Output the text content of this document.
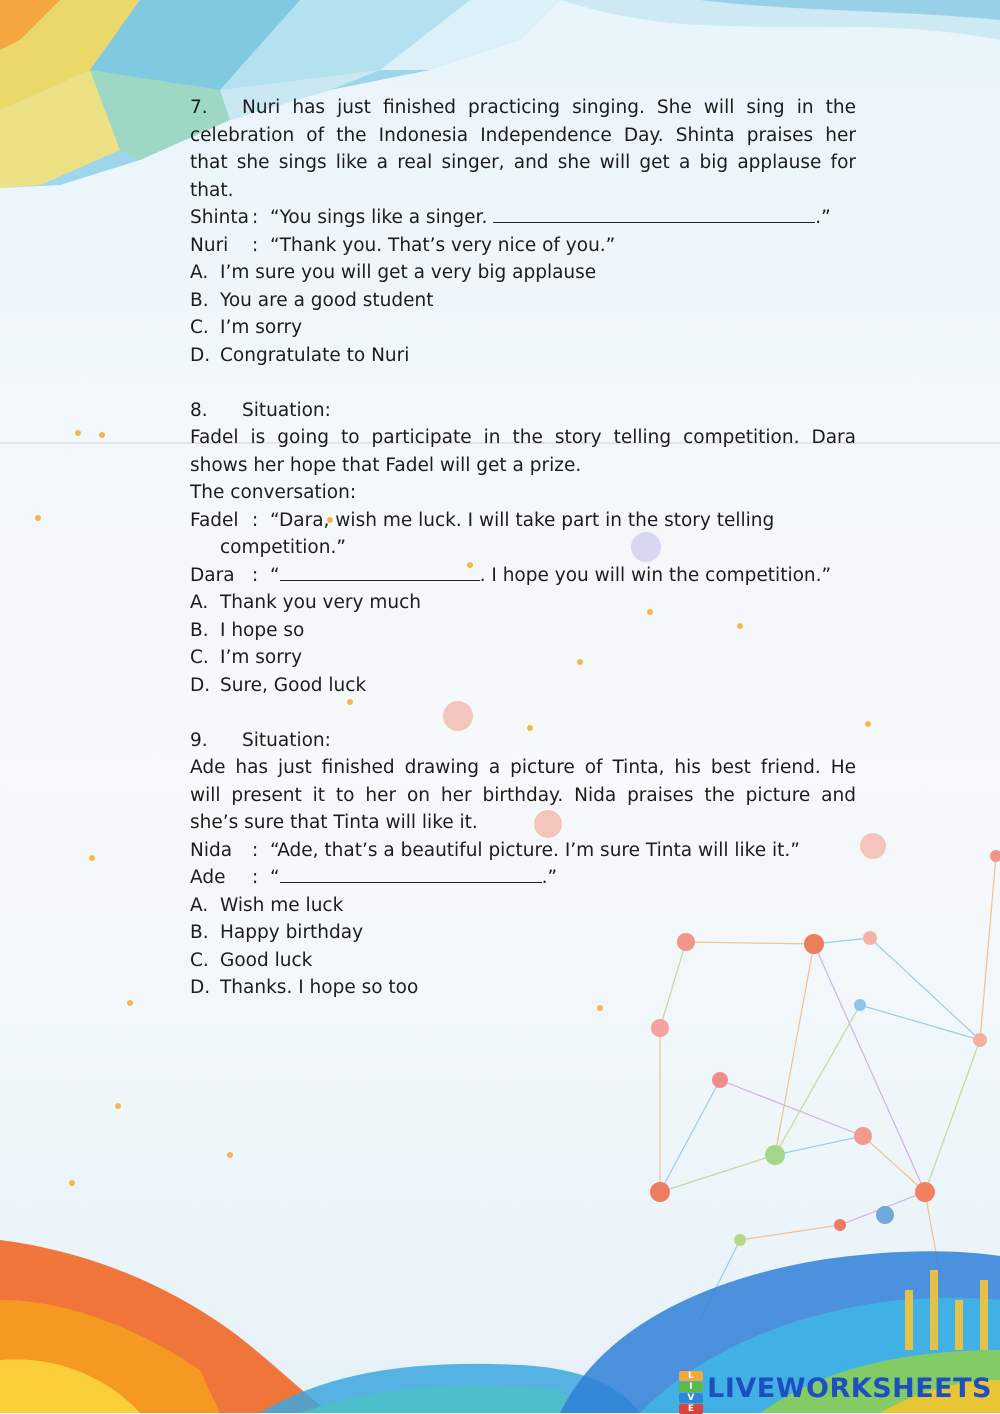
7. Nuri has just finished practicing singing. She will sing in the
celebration of the Indonesia Independence Day. Shinta praises her
that she sings like a real singer, and she will get a big applause for
that.
Shinta : “You sings like a singer.	.”
Nuri : “Thank you. That’s very nice of you.”
A. I’m sure you will get a very big applause
B. You are a good student
C. I’m sorry
D. Congratulate to Nuri
8. Situation:
Fadel is going to participate in the story telling competition. Dara
shows her hope that Fadel will get a prize.
The conversation:
Fadel : “Dara, wish me luck. I will take part in the story telling
competition.”
Dara : “	. I hope you will win the competition.”
A. Thank you very much
B. I hope so
C. I’m sorry
D. Sure, Good luck
9. Situation:
Ade has just finished drawing a picture of Tinta, his best friend. He
will present it to her on her birthday. Nida praises the picture and
she’s sure that Tinta will like it.
Nida : “Ade, that’s a beautiful picture. I’m sure Tinta will like it.”
Ade : “	.”
A. Wish me luck
B. Happy birthday
C. Good luck
D. Thanks. I hope so too
L
I
V
E
LIVEWORKSHEETS
